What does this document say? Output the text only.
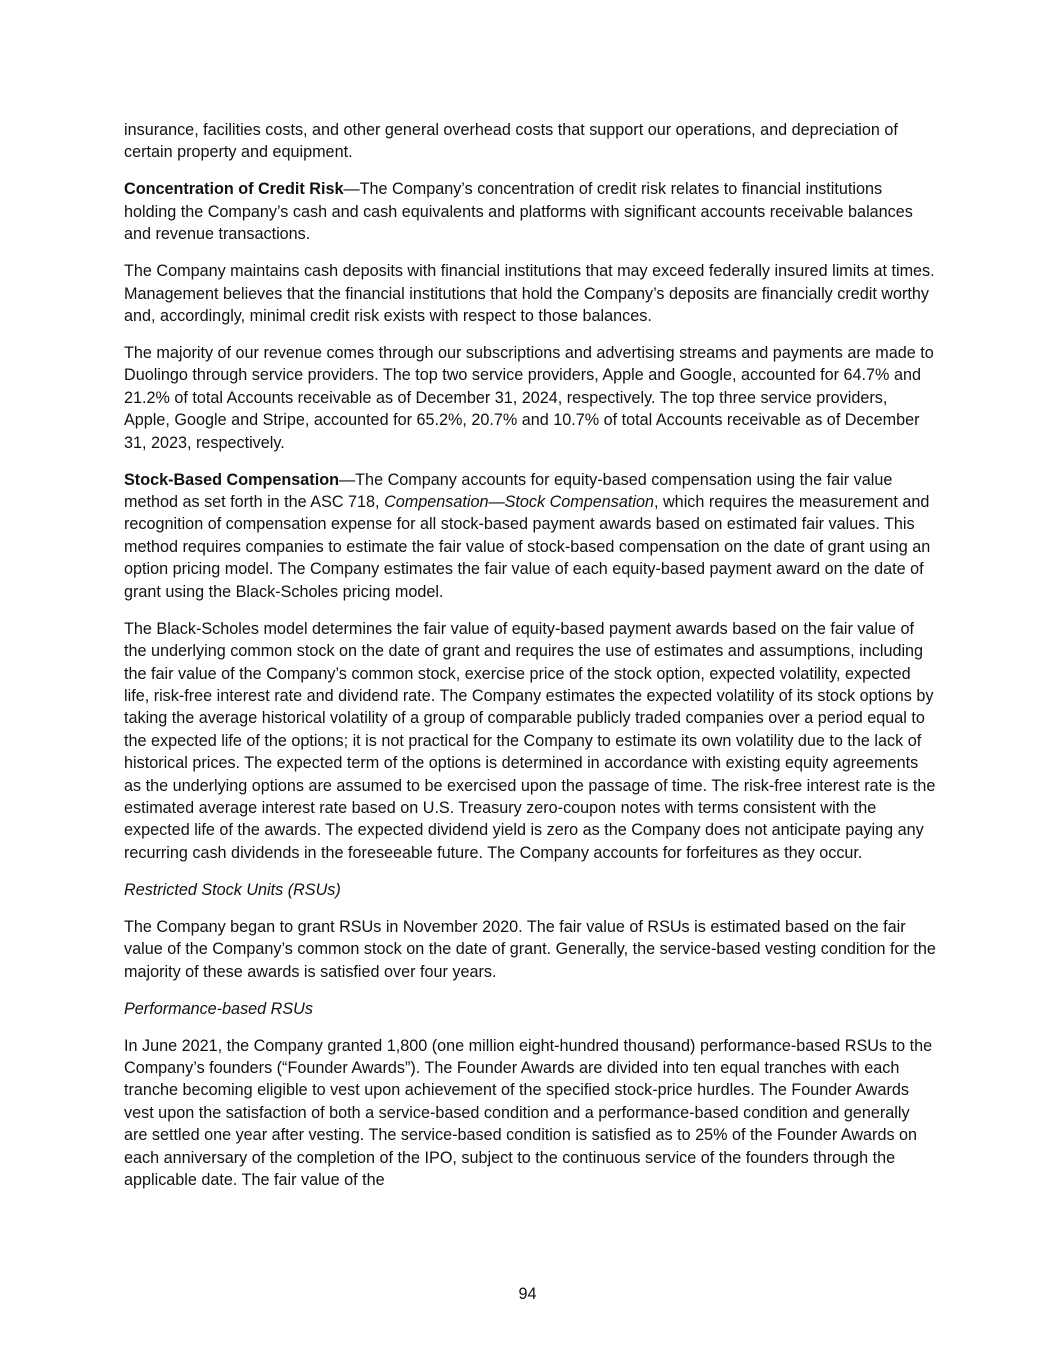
insurance, facilities costs, and other general overhead costs that support our operations, and depreciation of certain property and equipment.

Concentration of Credit Risk—The Company’s concentration of credit risk relates to financial institutions holding the Company’s cash and cash equivalents and platforms with significant accounts receivable balances and revenue transactions.

The Company maintains cash deposits with financial institutions that may exceed federally insured limits at times. Management believes that the financial institutions that hold the Company’s deposits are financially credit worthy and, accordingly, minimal credit risk exists with respect to those balances.

The majority of our revenue comes through our subscriptions and advertising streams and payments are made to Duolingo through service providers. The top two service providers, Apple and Google, accounted for 64.7% and 21.2% of total Accounts receivable as of December 31, 2024, respectively. The top three service providers, Apple, Google and Stripe, accounted for 65.2%, 20.7% and 10.7% of total Accounts receivable as of December 31, 2023, respectively.

Stock-Based Compensation—The Company accounts for equity-based compensation using the fair value method as set forth in the ASC 718, Compensation—Stock Compensation, which requires the measurement and recognition of compensation expense for all stock-based payment awards based on estimated fair values. This method requires companies to estimate the fair value of stock-based compensation on the date of grant using an option pricing model. The Company estimates the fair value of each equity-based payment award on the date of grant using the Black-Scholes pricing model.

The Black-Scholes model determines the fair value of equity-based payment awards based on the fair value of the underlying common stock on the date of grant and requires the use of estimates and assumptions, including the fair value of the Company’s common stock, exercise price of the stock option, expected volatility, expected life, risk-free interest rate and dividend rate. The Company estimates the expected volatility of its stock options by taking the average historical volatility of a group of comparable publicly traded companies over a period equal to the expected life of the options; it is not practical for the Company to estimate its own volatility due to the lack of historical prices. The expected term of the options is determined in accordance with existing equity agreements as the underlying options are assumed to be exercised upon the passage of time. The risk-free interest rate is the estimated average interest rate based on U.S. Treasury zero-coupon notes with terms consistent with the expected life of the awards. The expected dividend yield is zero as the Company does not anticipate paying any recurring cash dividends in the foreseeable future. The Company accounts for forfeitures as they occur.

Restricted Stock Units (RSUs)

The Company began to grant RSUs in November 2020. The fair value of RSUs is estimated based on the fair value of the Company’s common stock on the date of grant. Generally, the service-based vesting condition for the majority of these awards is satisfied over four years.

Performance-based RSUs

In June 2021, the Company granted 1,800 (one million eight-hundred thousand) performance-based RSUs to the Company’s founders (“Founder Awards”). The Founder Awards are divided into ten equal tranches with each tranche becoming eligible to vest upon achievement of the specified stock-price hurdles. The Founder Awards vest upon the satisfaction of both a service-based condition and a performance-based condition and generally are settled one year after vesting. The service-based condition is satisfied as to 25% of the Founder Awards on each anniversary of the completion of the IPO, subject to the continuous service of the founders through the applicable date. The fair value of the

94
